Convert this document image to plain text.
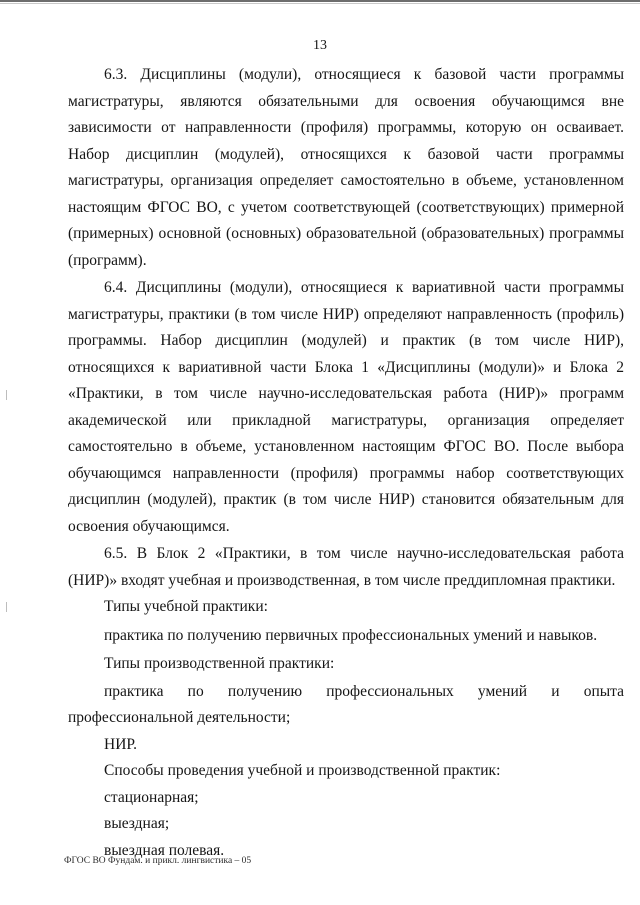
13

6.3. Дисциплины (модули), относящиеся к базовой части программы магистратуры, являются обязательными для освоения обучающимся вне зависимости от направленности (профиля) программы, которую он осваивает. Набор дисциплин (модулей), относящихся к базовой части программы магистратуры, организация определяет самостоятельно в объеме, установленном настоящим ФГОС ВО, с учетом соответствующей (соответствующих) примерной (примерных) основной (основных) образовательной (образовательных) программы (программ).

6.4. Дисциплины (модули), относящиеся к вариативной части программы магистратуры, практики (в том числе НИР) определяют направленность (профиль) программы. Набор дисциплин (модулей) и практик (в том числе НИР), относящихся к вариативной части Блока 1 «Дисциплины (модули)» и Блока 2 «Практики, в том числе научно-исследовательская работа (НИР)» программ академической или прикладной магистратуры, организация определяет самостоятельно в объеме, установленном настоящим ФГОС ВО. После выбора обучающимся направленности (профиля) программы набор соответствующих дисциплин (модулей), практик (в том числе НИР) становится обязательным для освоения обучающимся.

6.5. В Блок 2 «Практики, в том числе научно-исследовательская работа (НИР)» входят учебная и производственная, в том числе преддипломная практики.

Типы учебной практики:

практика по получению первичных профессиональных умений и навыков.

Типы производственной практики:

практика по получению профессиональных умений и опыта профессиональной деятельности;

НИР.

Способы проведения учебной и производственной практик:

стационарная;

выездная;

выездная полевая.

ФГОС ВО Фундам. и прикл. лингвистика – 05
